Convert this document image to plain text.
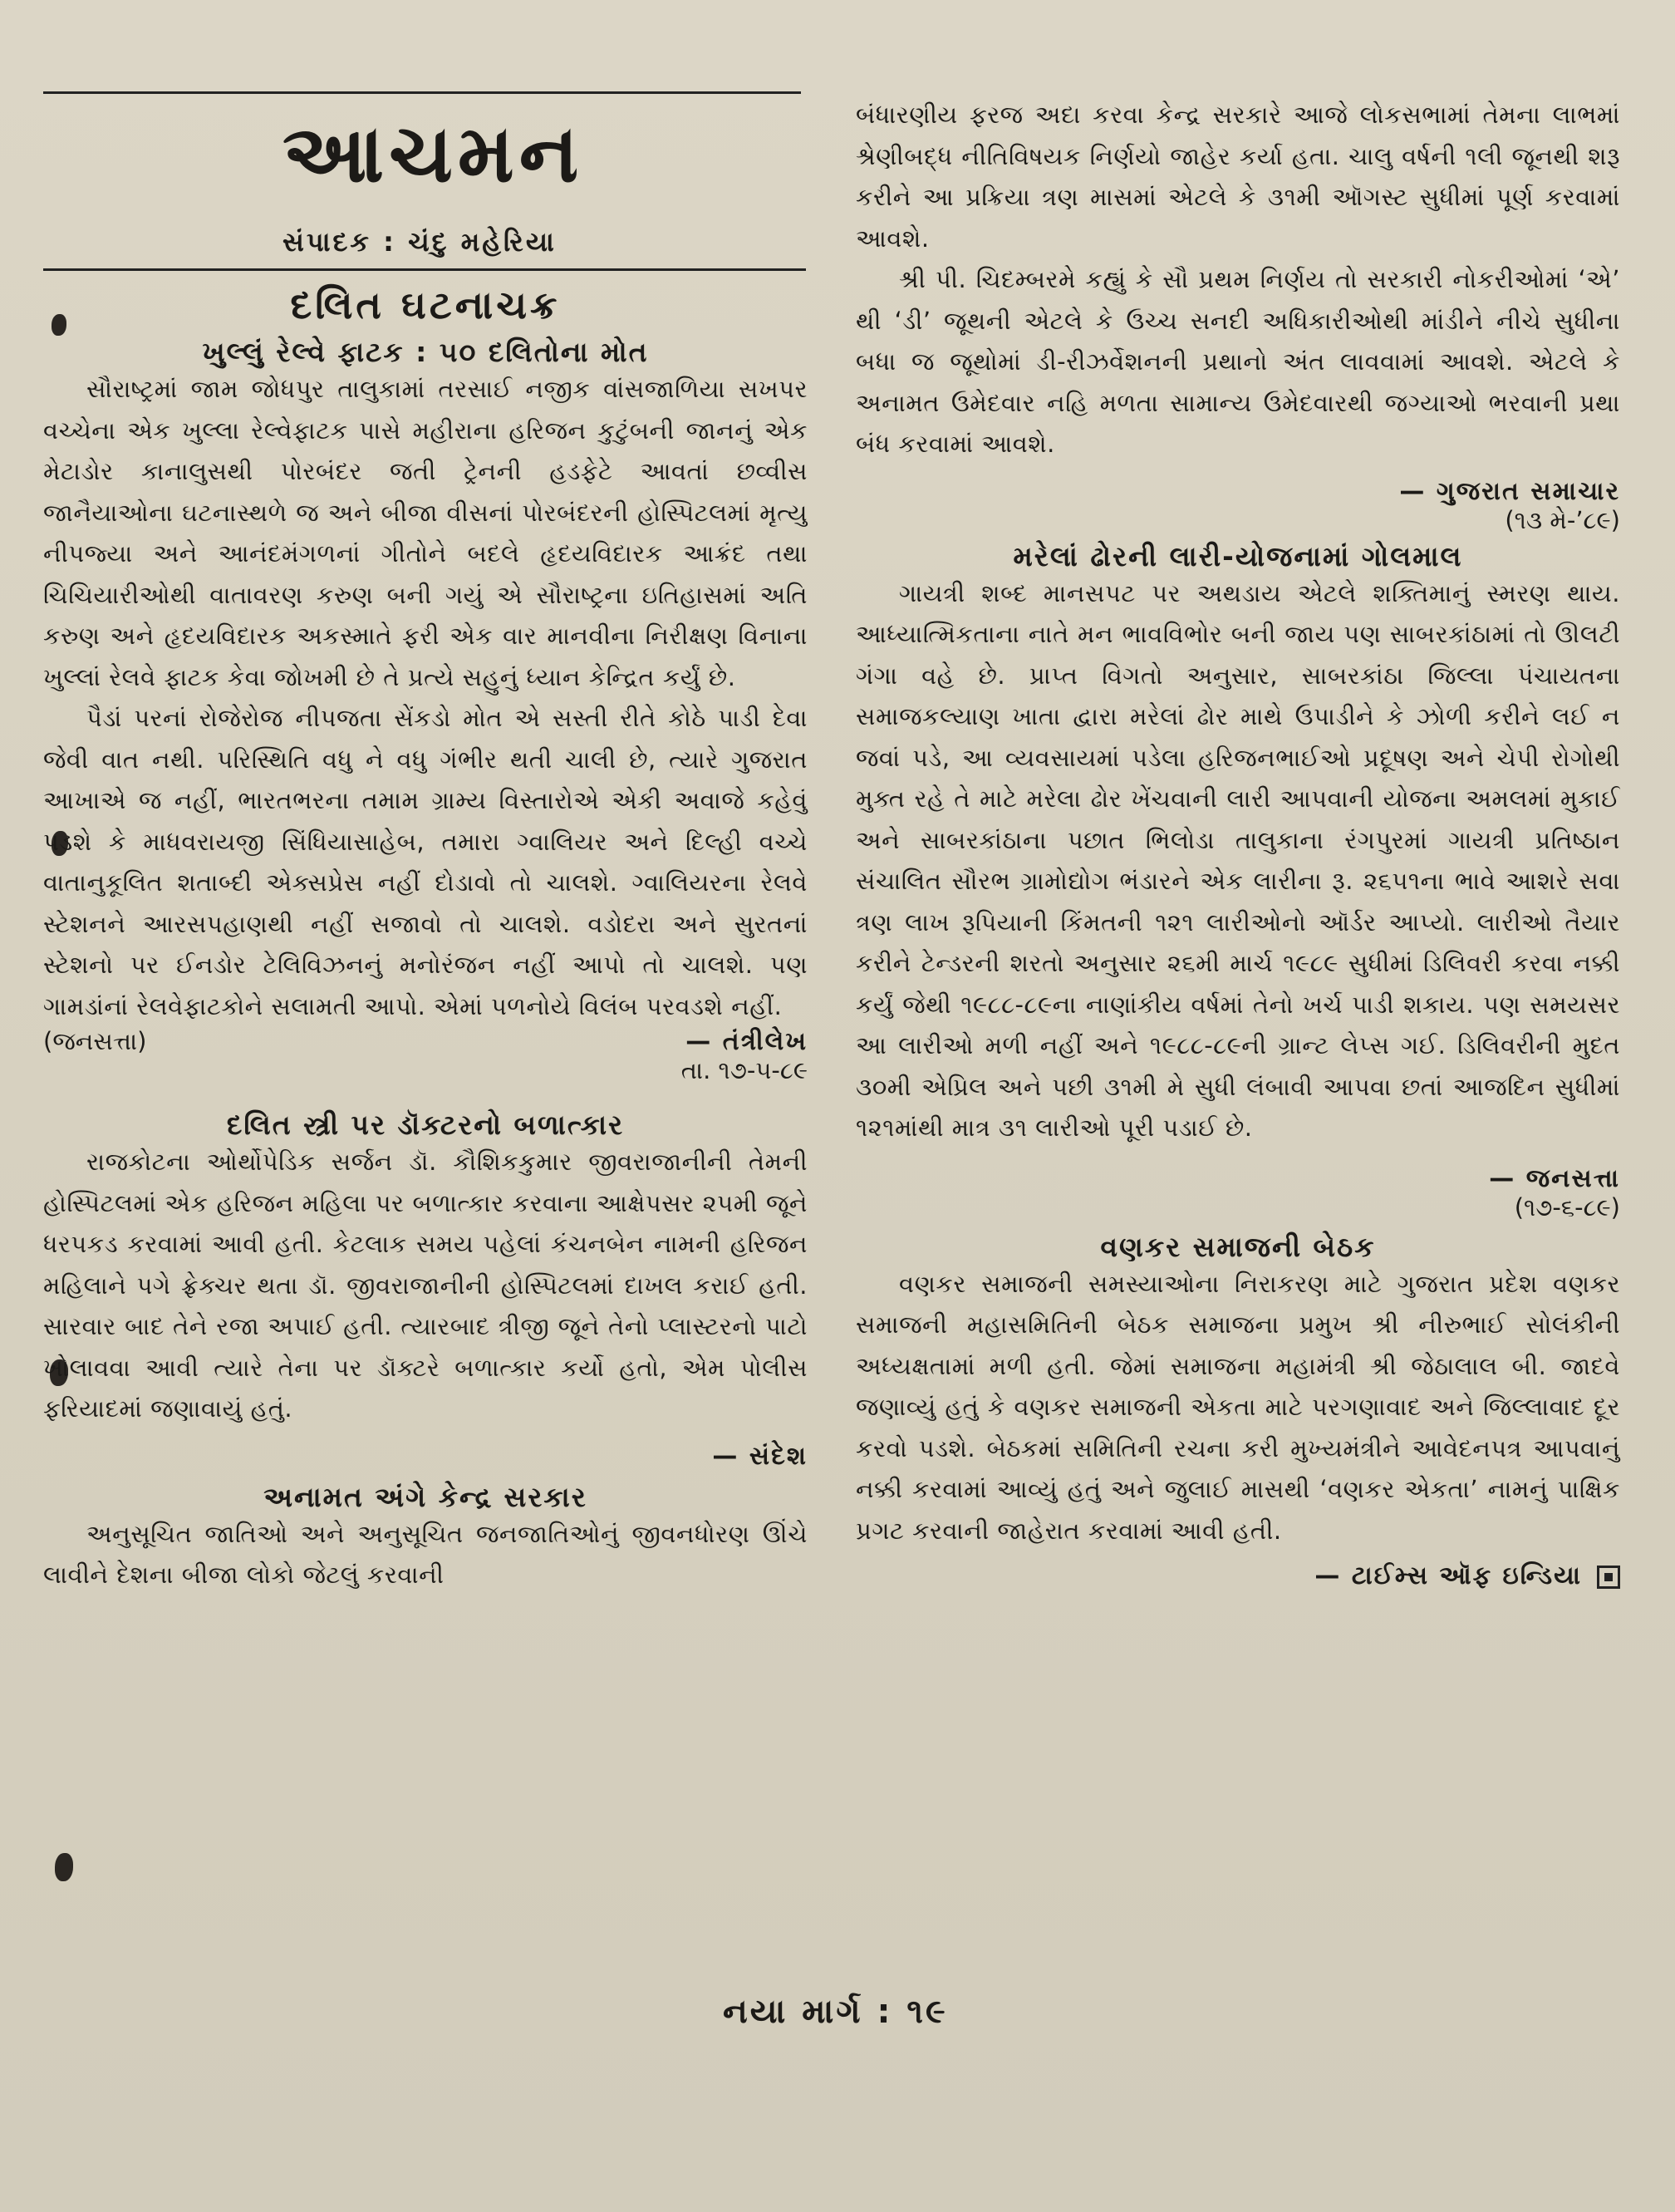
આચમન
સંપાદક : ચંદુ મહેરિયા

દલિત ઘટનાચક્ર

ખુલ્લું રેલ્વે ફાટક : ૫૦ દલિતોના મોત

સૌરાષ્ટ્રમાં જામ જોધપુર તાલુકામાં તરસાઈ નજીક વાંસજાળિયા સખપર વચ્ચેના એક ખુલ્લા રેલ્વેફાટક પાસે મહીરાના હરિજન કુટુંબની જાનનું એક મેટાડોર કાનાલુસથી પોરબંદર જતી ટ્રેનની હડફેટે આવતાં છવ્વીસ જાનૈયાઓના ઘટનાસ્થળે જ અને બીજા વીસનાં પોરબંદરની હોસ્પિટલમાં મૃત્યુ નીપજ્યા અને આનંદમંગળનાં ગીતોને બદલે હૃદયવિદારક આક્રંદ તથા ચિચિયારીઓથી વાતાવરણ કરુણ બની ગયું એ સૌરાષ્ટ્રના ઇતિહાસમાં અતિ કરુણ અને હૃદયવિદારક અકસ્માતે ફરી એક વાર માનવીના નિરીક્ષણ વિનાના ખુલ્લાં રેલવે ફાટક કેવા જોખમી છે તે પ્રત્યે સહુનું ધ્યાન કેન્દ્રિત કર્યું છે.

પૈડાં પરનાં રોજેરોજ નીપજતા સેંકડો મોત એ સસ્તી રીતે કોઠે પાડી દેવા જેવી વાત નથી. પરિસ્થિતિ વધુ ને વધુ ગંભીર થતી ચાલી છે, ત્યારે ગુજરાત આખાએ જ નહીં, ભારતભરના તમામ ગ્રામ્ય વિસ્તારોએ એકી અવાજે કહેવું પડશે કે માધવરાયજી સિંધિયાસાહેબ, તમારા ગ્વાલિયર અને દિલ્હી વચ્ચે વાતાનુકૂલિત શતાબ્દી એક્સપ્રેસ નહીં દોડાવો તો ચાલશે. ગ્વાલિયરના રેલવે સ્ટેશનને આરસપહાણથી નહીં સજાવો તો ચાલશે. વડોદરા અને સુરતનાં સ્ટેશનો પર ઈનડોર ટેલિવિઝનનું મનોરંજન નહીં આપો તો ચાલશે. પણ ગામડાંનાં રેલવેફાટકોને સલામતી આપો. એમાં પળનોયે વિલંબ પરવડશે નહીં.

(જનસત્તા)	— તંત્રીલેખ

તા. ૧૭-૫-૮૯

દલિત સ્ત્રી પર ડૉક્ટરનો બળાત્કાર

રાજકોટના ઓર્થોપેડિક સર્જન ડૉ. કૌશિકકુમાર જીવરાજાનીની તેમની હોસ્પિટલમાં એક હરિજન મહિલા પર બળાત્કાર કરવાના આક્ષેપસર ૨૫મી જૂને ધરપકડ કરવામાં આવી હતી. કેટલાક સમય પહેલાં કંચનબેન નામની હરિજન મહિલાને પગે ફ્રેક્ચર થતા ડૉ. જીવરાજાનીની હોસ્પિટલમાં દાખલ કરાઈ હતી. સારવાર બાદ તેને રજા અપાઈ હતી. ત્યારબાદ ત્રીજી જૂને તેનો પ્લાસ્ટરનો પાટો ખોલાવવા આવી ત્યારે તેના પર ડૉક્ટરે બળાત્કાર કર્યો હતો, એમ પોલીસ ફરિયાદમાં જણાવાયું હતું.

— સંદેશ

અનામત અંગે કેન્દ્ર સરકાર

અનુસૂચિત જાતિઓ અને અનુસૂચિત જનજાતિઓનું જીવનધોરણ ઊંચે લાવીને દેશના બીજા લોકો જેટલું કરવાની

બંધારણીય ફરજ અદા કરવા કેન્દ્ર સરકારે આજે લોકસભામાં તેમના લાભમાં શ્રેણીબદ્ધ નીતિવિષયક નિર્ણયો જાહેર કર્યા હતા. ચાલુ વર્ષની ૧લી જૂનથી શરૂ કરીને આ પ્રક્રિયા ત્રણ માસમાં એટલે કે ૩૧મી ઑગસ્ટ સુધીમાં પૂર્ણ કરવામાં આવશે.

શ્રી પી. ચિદમ્બરમે કહ્યું કે સૌ પ્રથમ નિર્ણય તો સરકારી નોકરીઓમાં ‘એ’ થી ‘ડી’ જૂથની એટલે કે ઉચ્ચ સનદી અધિકારીઓથી માંડીને નીચે સુધીના બધા જ જૂથોમાં ડી-રીઝર્વેશનની પ્રથાનો અંત લાવવામાં આવશે. એટલે કે અનામત ઉમેદવાર નહિ મળતા સામાન્ય ઉમેદવારથી જગ્યાઓ ભરવાની પ્રથા બંધ કરવામાં આવશે.

— ગુજરાત સમાચાર

(૧૩ મે-’૮૯)

મરેલાં ઢોરની લારી-યોજનામાં ગોલમાલ

ગાયત્રી શબ્દ માનસપટ પર અથડાય એટલે શક્તિમાનું સ્મરણ થાય. આધ્યાત્મિકતાના નાતે મન ભાવવિભોર બની જાય પણ સાબરકાંઠામાં તો ઊલટી ગંગા વહે છે. પ્રાપ્ત વિગતો અનુસાર, સાબરકાંઠા જિલ્લા પંચાયતના સમાજકલ્યાણ ખાતા દ્વારા મરેલાં ઢોર માથે ઉપાડીને કે ઝોળી કરીને લઈ ન જવાં પડે, આ વ્યવસાયમાં પડેલા હરિજનભાઈઓ પ્રદૂષણ અને ચેપી રોગોથી મુક્ત રહે તે માટે મરેલા ઢોર ખેંચવાની લારી આપવાની યોજના અમલમાં મુકાઈ અને સાબરકાંઠાના પછાત ભિલોડા તાલુકાના રંગપુરમાં ગાયત્રી પ્રતિષ્ઠાન સંચાલિત સૌરભ ગ્રામોદ્યોગ ભંડારને એક લારીના રૂ. ૨૬૫૧ના ભાવે આશરે સવા ત્રણ લાખ રૂપિયાની કિંમતની ૧૨૧ લારીઓનો ઑર્ડર આપ્યો. લારીઓ તૈયાર કરીને ટેન્ડરની શરતો અનુસાર ૨૬મી માર્ચ ૧૯૮૯ સુધીમાં ડિલિવરી કરવા નક્કી કર્યું જેથી ૧૯૮૮-૮૯ના નાણાંકીય વર્ષમાં તેનો ખર્ચ પાડી શકાય. પણ સમયસર આ લારીઓ મળી નહીં અને ૧૯૮૮-૮૯ની ગ્રાન્ટ લેપ્સ ગઈ. ડિલિવરીની મુદત ૩૦મી એપ્રિલ અને પછી ૩૧મી મે સુધી લંબાવી આપવા છતાં આજદિન સુધીમાં ૧૨૧માંથી માત્ર ૩૧ લારીઓ પૂરી પડાઈ છે.

— જનસત્તા

(૧૭-૬-૮૯)

વણકર સમાજની બેઠક

વણકર સમાજની સમસ્યાઓના નિરાકરણ માટે ગુજરાત પ્રદેશ વણકર સમાજની મહાસમિતિની બેઠક સમાજના પ્રમુખ શ્રી નીરુભાઈ સોલંકીની અધ્યક્ષતામાં મળી હતી. જેમાં સમાજના મહામંત્રી શ્રી જેઠાલાલ બી. જાદવે જણાવ્યું હતું કે વણકર સમાજની એકતા માટે પરગણાવાદ અને જિલ્લાવાદ દૂર કરવો પડશે. બેઠકમાં સમિતિની રચના કરી મુખ્યમંત્રીને આવેદનપત્ર આપવાનું નક્કી કરવામાં આવ્યું હતું અને જુલાઈ માસથી ‘વણકર એકતા’ નામનું પાક્ષિક પ્રગટ કરવાની જાહેરાત કરવામાં આવી હતી.

— ટાઈમ્સ ઑફ ઇન્ડિયા

નયા માર્ગ : ૧૯
